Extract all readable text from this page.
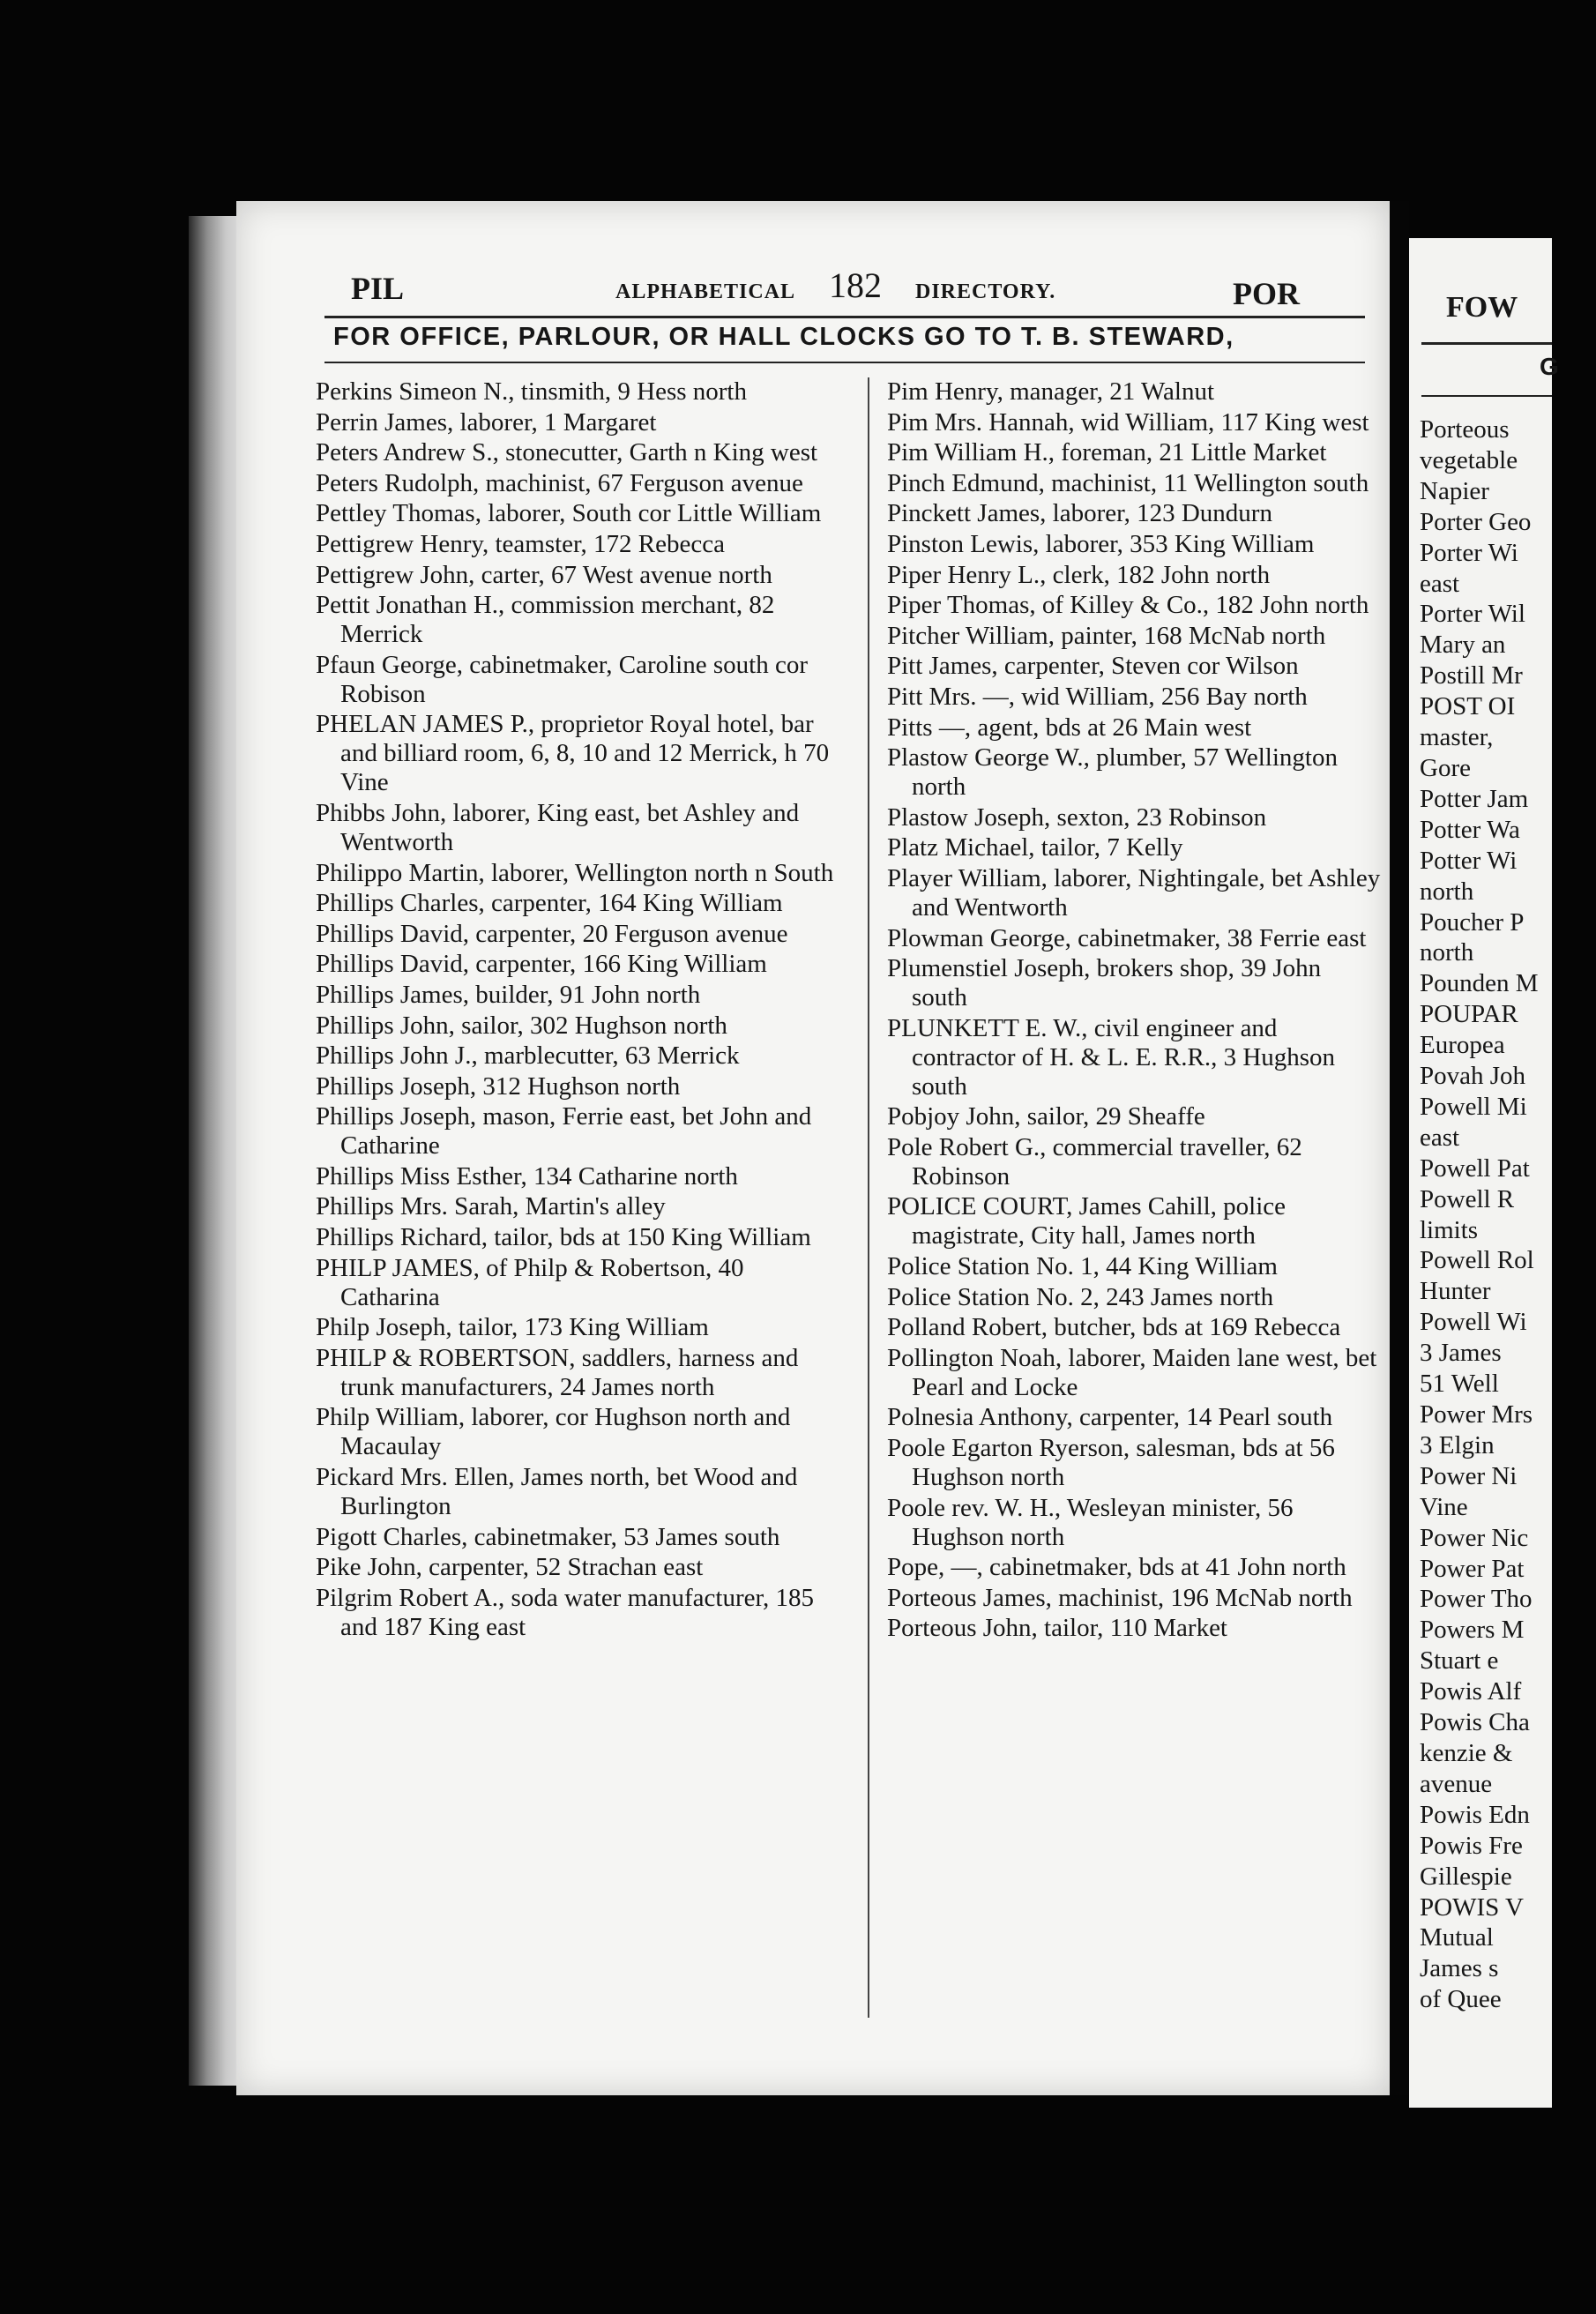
PIL	ALPHABETICAL 182 DIRECTORY.	POR
FOR OFFICE, PARLOUR, OR HALL CLOCKS GO TO T. B. STEWARD,
Perkins Simeon N., tinsmith, 9 Hess north
Perrin James, laborer, 1 Margaret
Peters Andrew S., stonecutter, Garth n King west
Peters Rudolph, machinist, 67 Ferguson avenue
Pettley Thomas, laborer, South cor Little William
Pettigrew Henry, teamster, 172 Rebecca
Pettigrew John, carter, 67 West avenue north
Pettit Jonathan H., commission merchant, 82 Merrick
Pfaun George, cabinetmaker, Caroline south cor Robison
PHELAN JAMES P., proprietor Royal hotel, bar and billiard room, 6, 8, 10 and 12 Merrick, h 70 Vine
Phibbs John, laborer, King east, bet Ashley and Wentworth
Philippo Martin, laborer, Wellington north n South
Phillips Charles, carpenter, 164 King William
Phillips David, carpenter, 20 Ferguson avenue
Phillips David, carpenter, 166 King William
Phillips James, builder, 91 John north
Phillips John, sailor, 302 Hughson north
Phillips John J., marblecutter, 63 Merrick
Phillips Joseph, 312 Hughson north
Phillips Joseph, mason, Ferrie east, bet John and Catharine
Phillips Miss Esther, 134 Catharine north
Phillips Mrs. Sarah, Martin's alley
Phillips Richard, tailor, bds at 150 King William
PHILP JAMES, of Philp & Robertson, 40 Catharina
Philp Joseph, tailor, 173 King William
PHILP & ROBERTSON, saddlers, harness and trunk manufacturers, 24 James north
Philp William, laborer, cor Hughson north and Macaulay
Pickard Mrs. Ellen, James north, bet Wood and Burlington
Pigott Charles, cabinetmaker, 53 James south
Pike John, carpenter, 52 Strachan east
Pilgrim Robert A., soda water manufacturer, 185 and 187 King east
Pim Henry, manager, 21 Walnut
Pim Mrs. Hannah, wid William, 117 King west
Pim William H., foreman, 21 Little Market
Pinch Edmund, machinist, 11 Wellington south
Pinckett James, laborer, 123 Dundurn
Pinston Lewis, laborer, 353 King William
Piper Henry L., clerk, 182 John north
Piper Thomas, of Killey & Co., 182 John north
Pitcher William, painter, 168 McNab north
Pitt James, carpenter, Steven cor Wilson
Pitt Mrs. —, wid William, 256 Bay north
Pitts —, agent, bds at 26 Main west
Plastow George W., plumber, 57 Wellington north
Plastow Joseph, sexton, 23 Robinson
Platz Michael, tailor, 7 Kelly
Player William, laborer, Nightingale, bet Ashley and Wentworth
Plowman George, cabinetmaker, 38 Ferrie east
Plumenstiel Joseph, brokers shop, 39 John south
PLUNKETT E. W., civil engineer and contractor of H. & L. E. R.R., 3 Hughson south
Pobjoy John, sailor, 29 Sheaffe
Pole Robert G., commercial traveller, 62 Robinson
POLICE COURT, James Cahill, police magistrate, City hall, James north
Police Station No. 1, 44 King William
Police Station No. 2, 243 James north
Polland Robert, butcher, bds at 169 Rebecca
Pollington Noah, laborer, Maiden lane west, bet Pearl and Locke
Polnesia Anthony, carpenter, 14 Pearl south
Poole Egarton Ryerson, salesman, bds at 56 Hughson north
Poole rev. W. H., Wesleyan minister, 56 Hughson north
Pope, —, cabinetmaker, bds at 41 John north
Porteous James, machinist, 196 McNab north
Porteous John, tailor, 110 Market
FOW
G
Porteous
vegetable
Napier
Porter Geo
Porter Wi
east
Porter Wil
Mary an
Postill Mr
POST OI
master,
Gore
Potter Jam
Potter Wa
Potter Wi
north
Poucher P
north
Pounden M
POUPAR
Europea
Povah Joh
Powell Mi
east
Powell Pat
Powell R
limits
Powell Rol
Hunter
Powell Wi
3 James
51 Well
Power Mrs
3 Elgin
Power Ni
Vine
Power Nic
Power Pat
Power Tho
Powers M
Stuart e
Powis Alf
Powis Cha
kenzie &
avenue
Powis Edn
Powis Fre
Gillespie
POWIS V
Mutual
James s
of Quee
